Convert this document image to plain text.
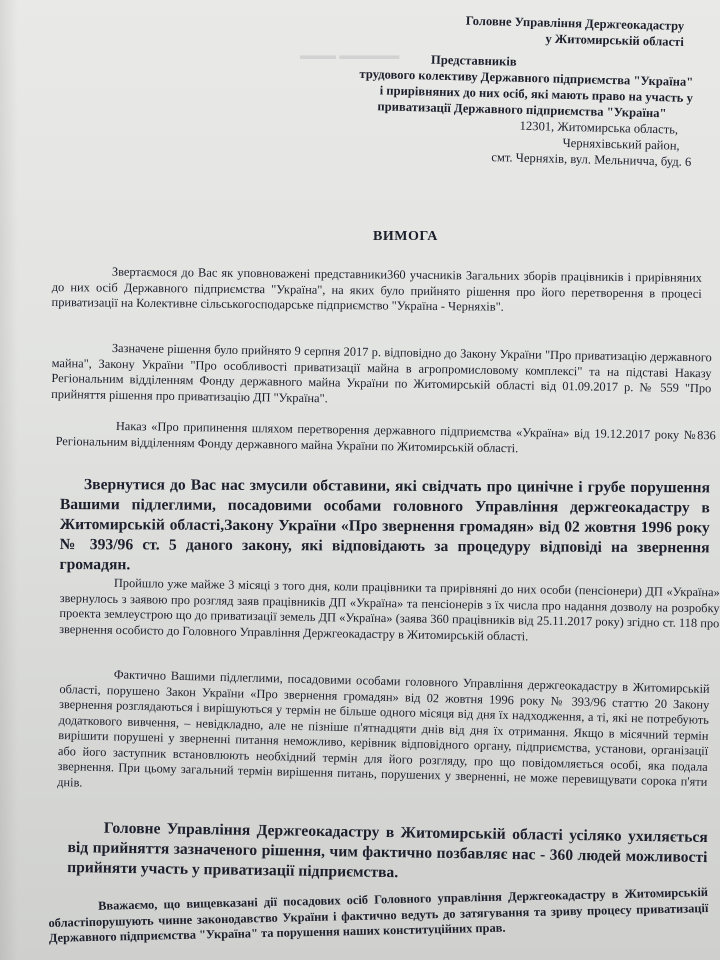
Головне Управління Держгеокадастру
у Житомирській області
Представників
трудового колективу Державного підприємства "Україна"
і прирівняних до них осіб, які мають право на участь у
приватизації Державного підприємства "Україна"
12301, Житомирська область,
Черняхівський район,
смт. Черняхів, вул. Мельничча, буд. 6
▬▬▬ ▬▬▬▬▬
ВИМОГА
Звертаємося до Вас як уповноважені представники360 учасників Загальних зборів працівників і прирівняних до них осіб Державного підприємства "Україна", на яких було прийнято рішення про його перетворення в процесі приватизації на Колективне сільськогосподарське підприємство "Україна - Черняхів".
Зазначене рішення було прийнято 9 серпня 2017 р. відповідно до Закону України "Про приватизацію державного майна", Закону України "Про особливості приватизації майна в агропромисловому комплексі" та на підставі Наказу Регіональним відділенням Фонду державного майна України по Житомирській області від 01.09.2017 р. № 559 "Про прийняття рішення про приватизацію ДП "Україна".
Наказ «Про припинення шляхом перетворення державного підприємства «Україна» від 19.12.2017 року №836 Регіональним відділенням Фонду державного майна України по Житомирській області.
Звернутися до Вас нас змусили обставини, які свідчать про цинічне і грубе порушення Вашими підлеглими, посадовими особами головного Управління держгеокадастру в Житомирській області,Закону України «Про звернення громадян» від 02 жовтня 1996 року № 393/96 ст. 5 даного закону, які відповідають за процедуру відповіді на звернення громадян.
Пройшло уже майже 3 місяці з того дня, коли працівники та прирівняні до них особи (пенсіонери) ДП «Україна» звернулось з заявою про розгляд заяв працівників ДП «Україна» та пенсіонерів з їх числа про надання дозволу на розробку проекта землеустрою що до приватизації земель ДП «Україна» (заява 360 працівників від 25.11.2017 року) згідно ст. 118 про звернення особисто до Головного Управління Держгеокадастру в Житомирській області.
Фактично Вашими підлеглими, посадовими особами головного Управління держгеокадастру в Житомирській області, порушено Закон України «Про звернення громадян» від 02 жовтня 1996 року № 393/96 статтю 20 Закону звернення розглядаються і вирішуються у термін не більше одного місяця від дня їх надходження, а ті, які не потребують додаткового вивчення, – невідкладно, але не пізніше п'ятнадцяти днів від дня їх отримання. Якщо в місячний термін вирішити порушені у зверненні питання неможливо, керівник відповідного органу, підприємства, установи, організації або його заступник встановлюють необхідний термін для його розгляду, про що повідомляється особі, яка подала звернення. При цьому загальний термін вирішення питань, порушених у зверненні, не може перевищувати сорока п'яти днів.
Головне Управління Держгеокадастру в Житомирській області усіляко ухиляється від прийняття зазначеного рішення, чим фактично позбавляє нас - 360 людей можливості прийняти участь у приватизації підприємства.
Вважаємо, що вищевказані дії посадових осіб Головного управління Держгеокадастру в Житомирській областіпорушують чинне законодавство України і фактично ведуть до затягування та зриву процесу приватизації Державного підприємства "Україна" та порушення наших конституційних прав.
